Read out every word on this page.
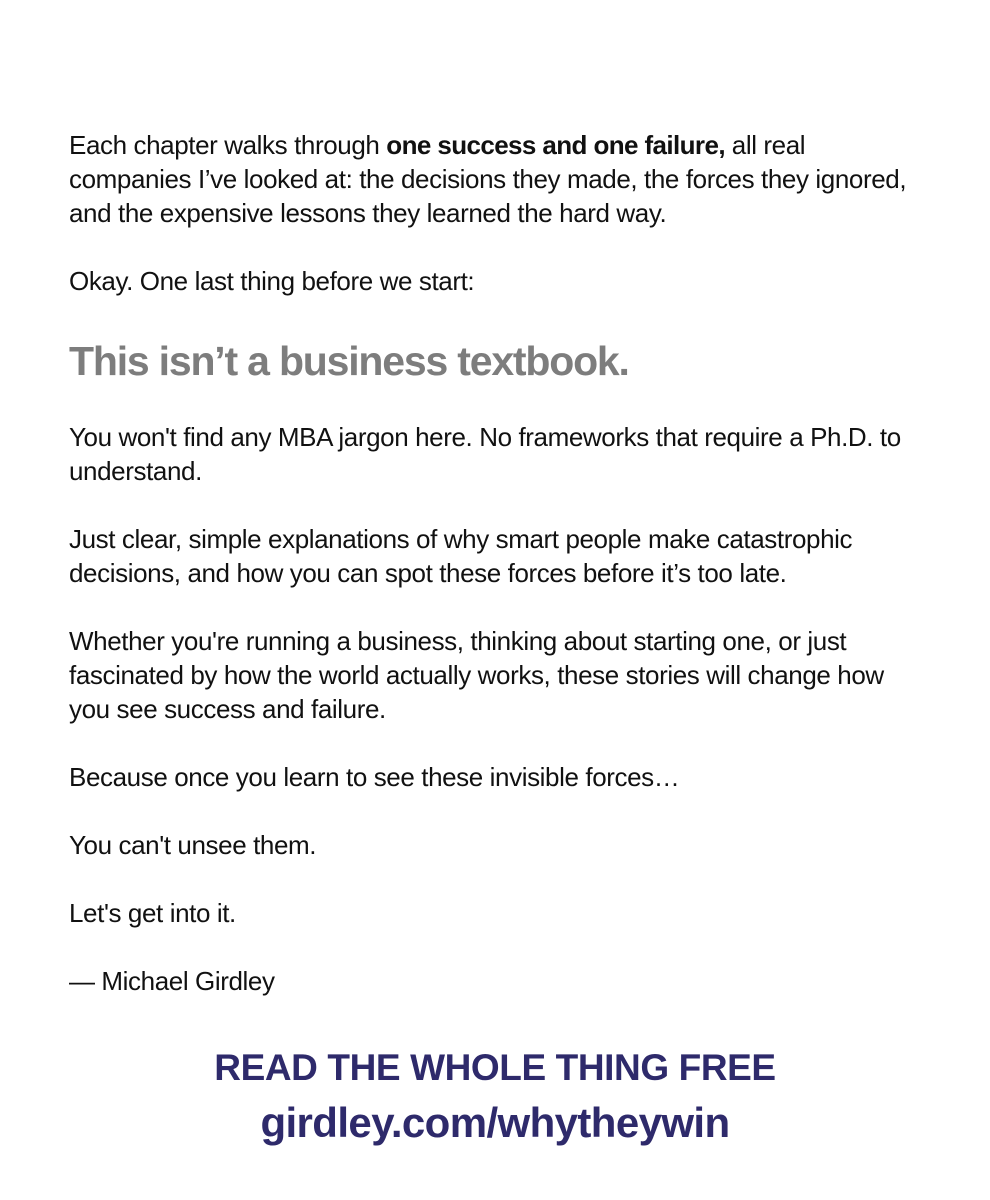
Each chapter walks through one success and one failure, all real companies I’ve looked at: the decisions they made, the forces they ignored, and the expensive lessons they learned the hard way.

Okay. One last thing before we start:

This isn’t a business textbook.

You won't find any MBA jargon here. No frameworks that require a Ph.D. to understand.

Just clear, simple explanations of why smart people make catastrophic decisions, and how you can spot these forces before it’s too late.

Whether you're running a business, thinking about starting one, or just fascinated by how the world actually works, these stories will change how you see success and failure.

Because once you learn to see these invisible forces…

You can't unsee them.

Let's get into it.

— Michael Girdley

READ THE WHOLE THING FREE
girdley.com/whytheywin
